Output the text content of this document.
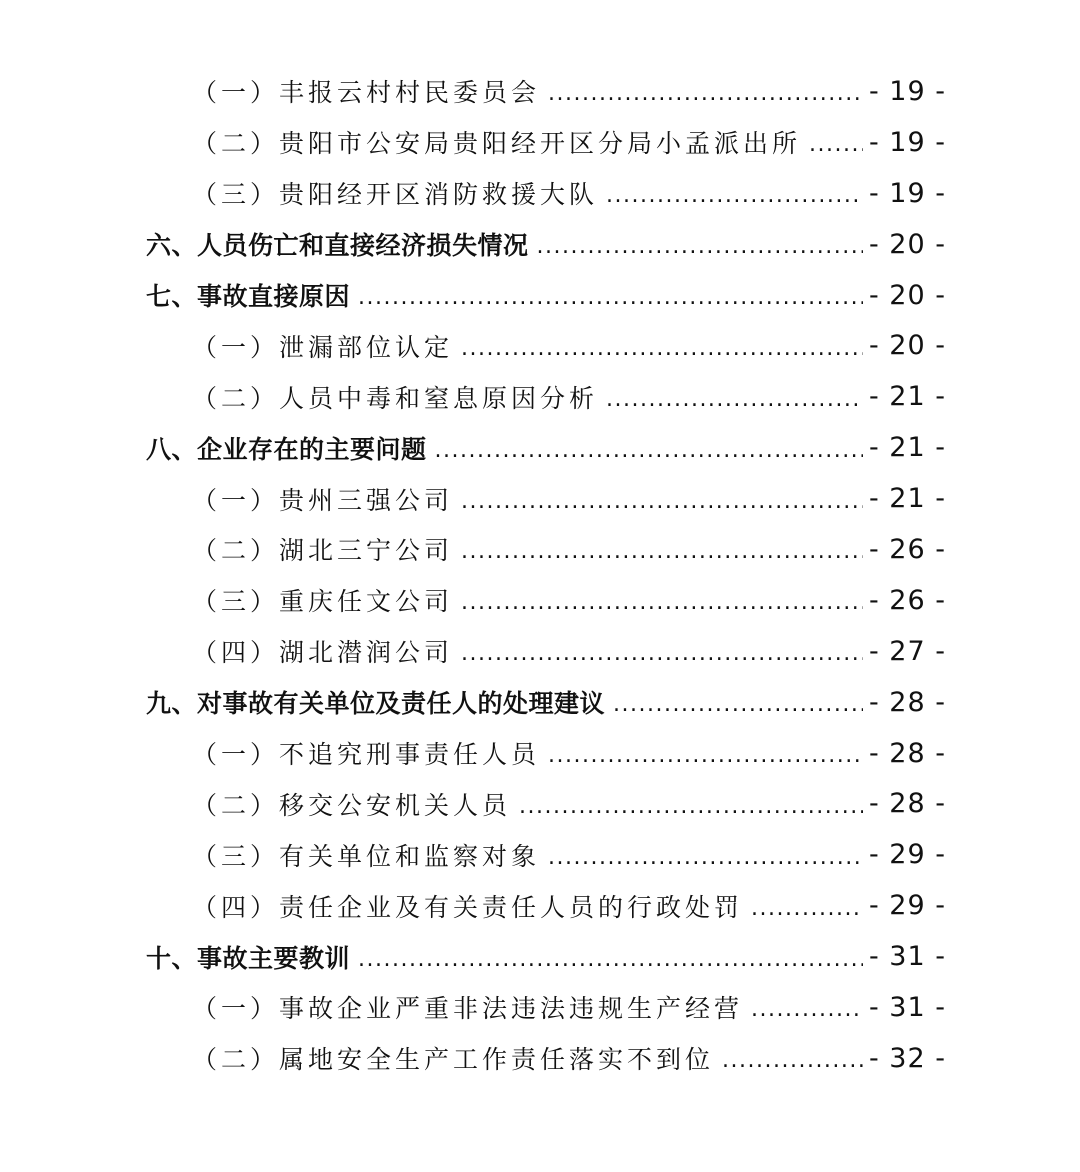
（一）丰报云村村民委员会 .....	- 19 -
（二）贵阳市公安局贵阳经开区分局小孟派出所 .....	- 19 -
（三）贵阳经开区消防救援大队 .....	- 19 -
六、人员伤亡和直接经济损失情况 .....	- 20 -
七、事故直接原因 .....	- 20 -
（一）泄漏部位认定 .....	- 20 -
（二）人员中毒和窒息原因分析 .....	- 21 -
八、企业存在的主要问题 .....	- 21 -
（一）贵州三强公司 .....	- 21 -
（二）湖北三宁公司 .....	- 26 -
（三）重庆任文公司 .....	- 26 -
（四）湖北潜润公司 .....	- 27 -
九、对事故有关单位及责任人的处理建议 .....	- 28 -
（一）不追究刑事责任人员 .....	- 28 -
（二）移交公安机关人员 .....	- 28 -
（三）有关单位和监察对象 .....	- 29 -
（四）责任企业及有关责任人员的行政处罚 .....	- 29 -
十、事故主要教训 .....	- 31 -
（一）事故企业严重非法违法违规生产经营 .....	- 31 -
（二）属地安全生产工作责任落实不到位 .....	- 32 -
